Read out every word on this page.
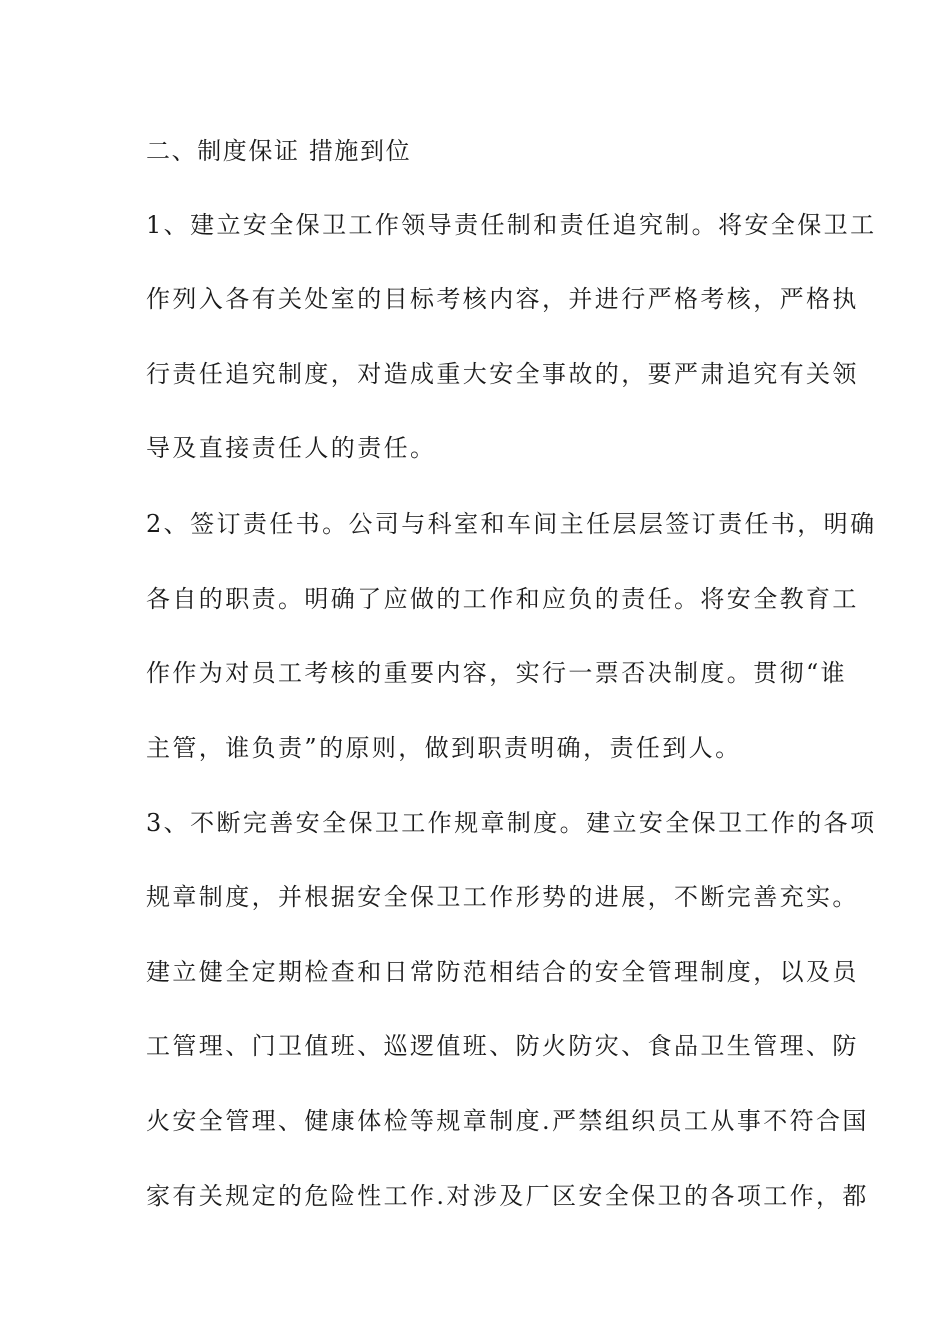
二、制度保证 措施到位
1、建立安全保卫工作领导责任制和责任追究制。将安全保卫工
作列入各有关处室的目标考核内容，并进行严格考核，严格执
行责任追究制度，对造成重大安全事故的，要严肃追究有关领
导及直接责任人的责任。
2、签订责任书。公司与科室和车间主任层层签订责任书，明确
各自的职责。明确了应做的工作和应负的责任。将安全教育工
作作为对员工考核的重要内容，实行一票否决制度。贯彻“谁
主管，谁负责”的原则，做到职责明确，责任到人。
3、不断完善安全保卫工作规章制度。建立安全保卫工作的各项
规章制度，并根据安全保卫工作形势的进展，不断完善充实。
建立健全定期检查和日常防范相结合的安全管理制度，以及员
工管理、门卫值班、巡逻值班、防火防灾、食品卫生管理、防
火安全管理、健康体检等规章制度.严禁组织员工从事不符合国
家有关规定的危险性工作.对涉及厂区安全保卫的各项工作，都
